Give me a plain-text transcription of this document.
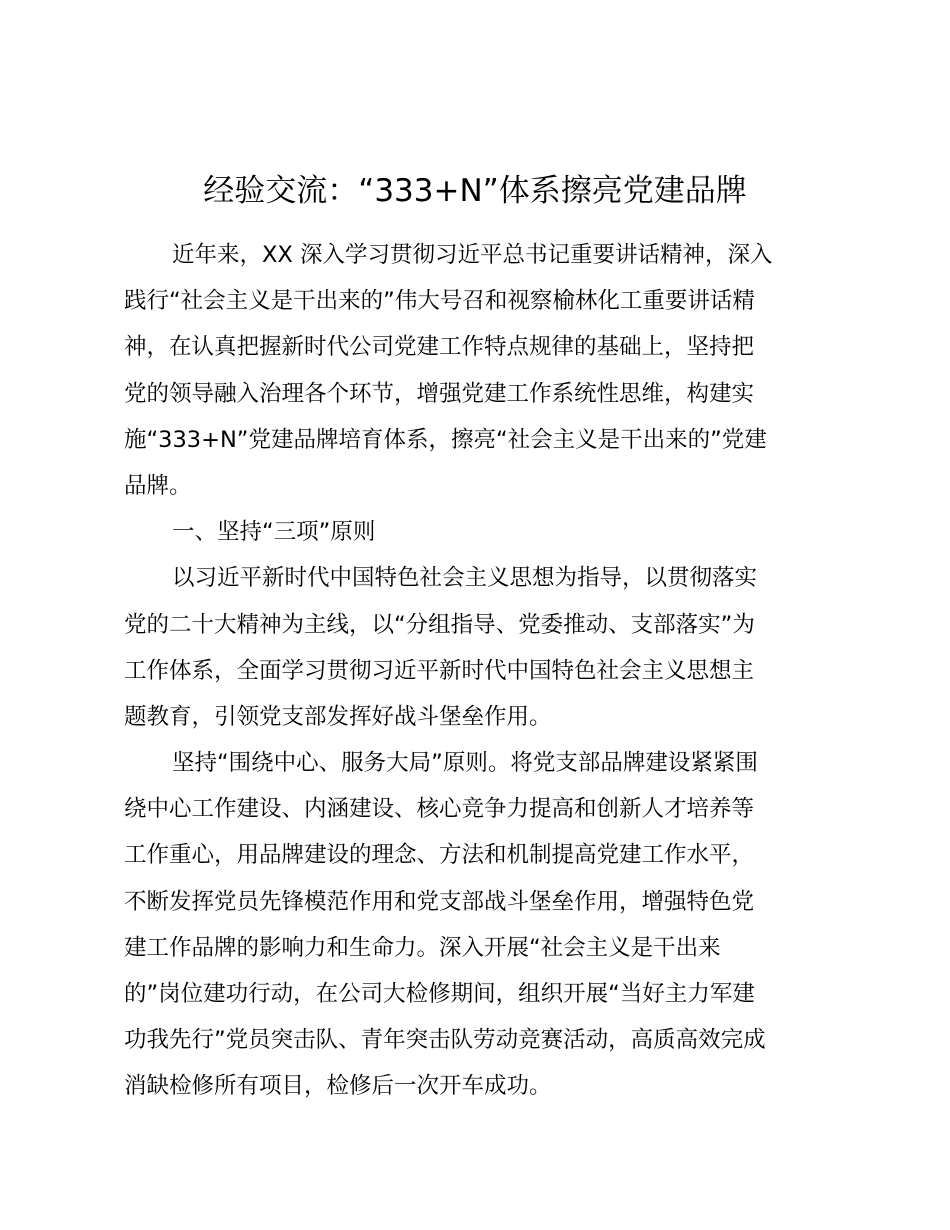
经验交流：“333+N”体系擦亮党建品牌
近年来，XX 深入学习贯彻习近平总书记重要讲话精神，深入
践行“社会主义是干出来的”伟大号召和视察榆林化工重要讲话精
神，在认真把握新时代公司党建工作特点规律的基础上，坚持把
党的领导融入治理各个环节，增强党建工作系统性思维，构建实
施“333+N”党建品牌培育体系，擦亮“社会主义是干出来的”党建
品牌。
一、坚持“三项”原则
以习近平新时代中国特色社会主义思想为指导，以贯彻落实
党的二十大精神为主线，以“分组指导、党委推动、支部落实”为
工作体系，全面学习贯彻习近平新时代中国特色社会主义思想主
题教育，引领党支部发挥好战斗堡垒作用。
坚持“围绕中心、服务大局”原则。将党支部品牌建设紧紧围
绕中心工作建设、内涵建设、核心竞争力提高和创新人才培养等
工作重心，用品牌建设的理念、方法和机制提高党建工作水平，
不断发挥党员先锋模范作用和党支部战斗堡垒作用，增强特色党
建工作品牌的影响力和生命力。深入开展“社会主义是干出来
的”岗位建功行动，在公司大检修期间，组织开展“当好主力军建
功我先行”党员突击队、青年突击队劳动竞赛活动，高质高效完成
消缺检修所有项目，检修后一次开车成功。
